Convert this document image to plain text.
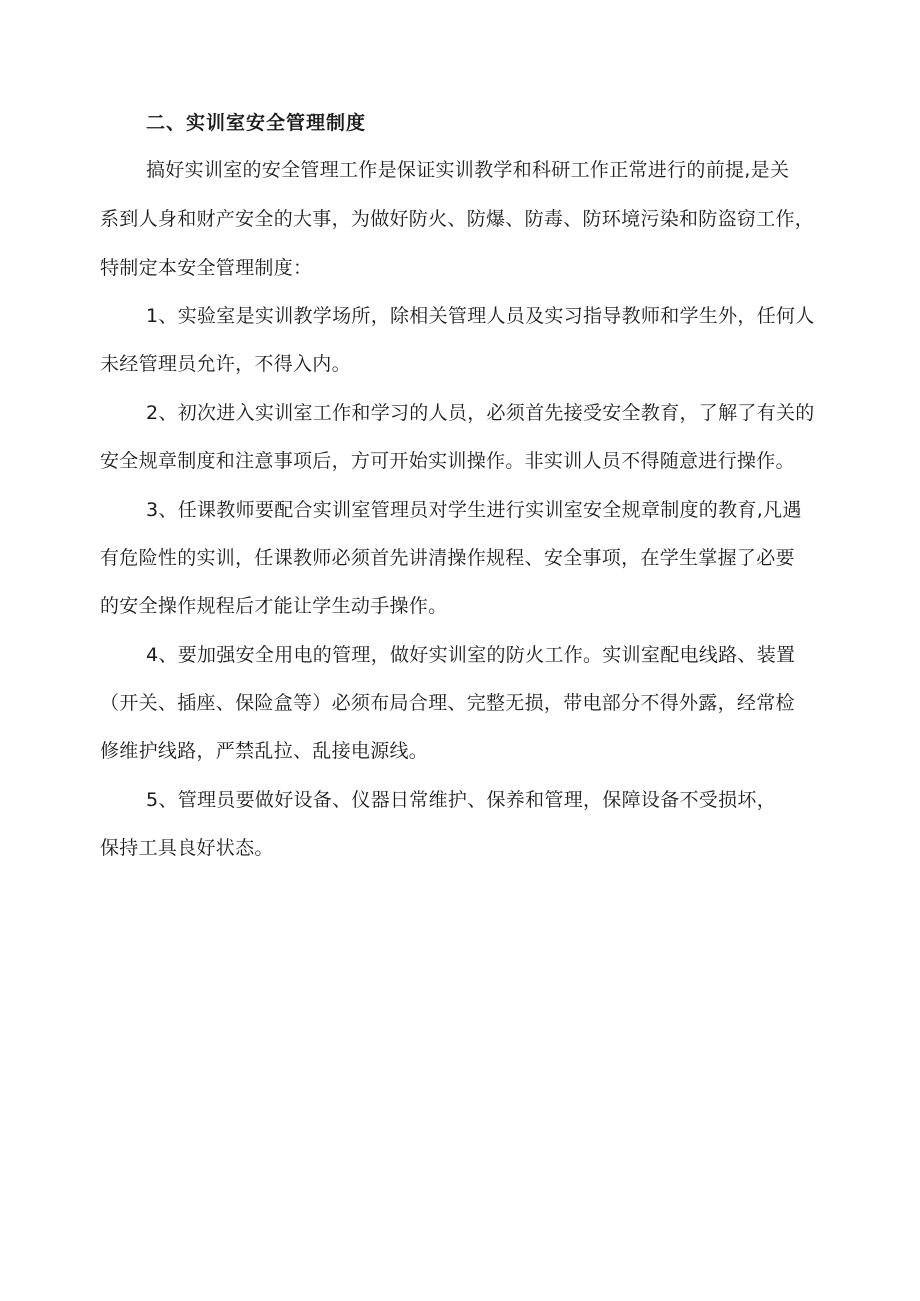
二、实训室安全管理制度
搞好实训室的安全管理工作是保证实训教学和科研工作正常进行的前提,是关
系到人身和财产安全的大事，为做好防火、防爆、防毒、防环境污染和防盗窃工作，
特制定本安全管理制度：
1、实验室是实训教学场所，除相关管理人员及实习指导教师和学生外，任何人
未经管理员允许，不得入内。
2、初次进入实训室工作和学习的人员，必须首先接受安全教育，了解了有关的
安全规章制度和注意事项后，方可开始实训操作。非实训人员不得随意进行操作。
3、任课教师要配合实训室管理员对学生进行实训室安全规章制度的教育,凡遇
有危险性的实训，任课教师必须首先讲清操作规程、安全事项，在学生掌握了必要
的安全操作规程后才能让学生动手操作。
4、要加强安全用电的管理，做好实训室的防火工作。实训室配电线路、装置
（开关、插座、保险盒等）必须布局合理、完整无损，带电部分不得外露，经常检
修维护线路，严禁乱拉、乱接电源线。
5、管理员要做好设备、仪器日常维护、保养和管理，保障设备不受损坏，
保持工具良好状态。
